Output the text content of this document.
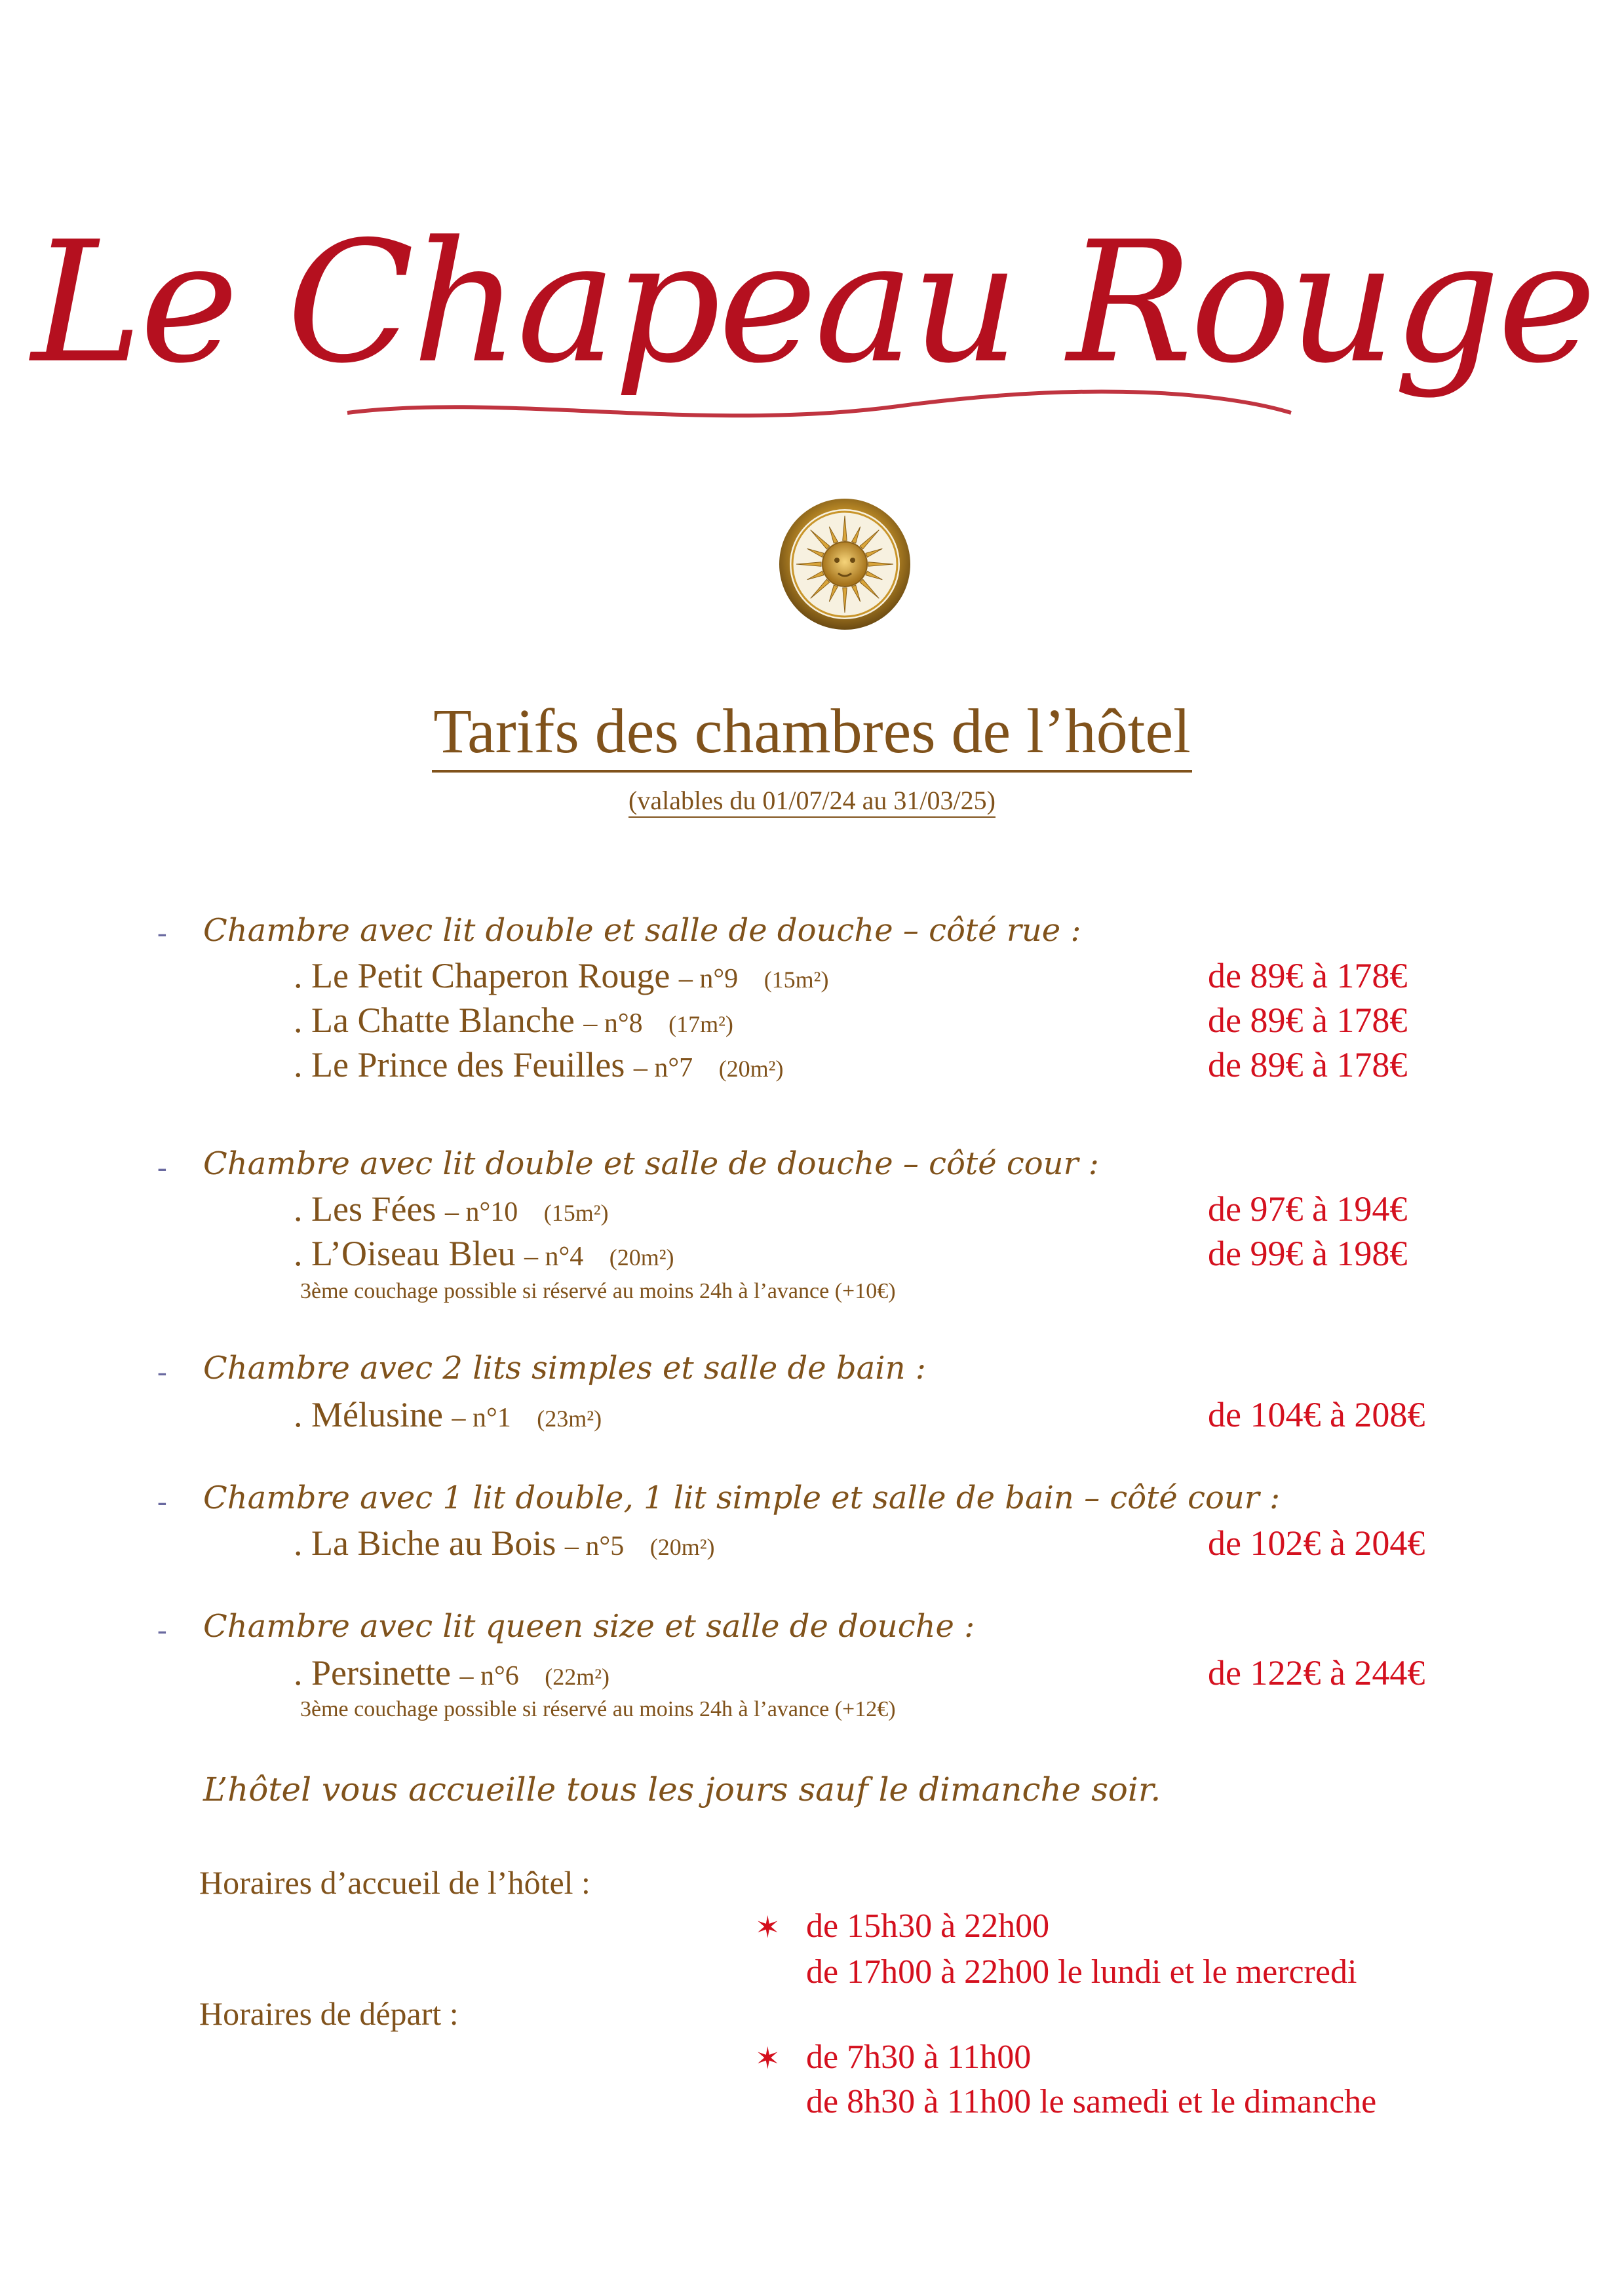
Le Chapeau Rouge
Tarifs des chambres de l’hôtel
(valables du 01/07/24 au 31/03/25)
- Chambre avec lit double et salle de douche – côté rue :
. Le Petit Chaperon Rouge – n°9 (15m²)	de 89€ à 178€
. La Chatte Blanche – n°8 (17m²)	de 89€ à 178€
. Le Prince des Feuilles – n°7 (20m²)	de 89€ à 178€
- Chambre avec lit double et salle de douche – côté cour :
. Les Fées – n°10 (15m²)	de 97€ à 194€
. L’Oiseau Bleu – n°4 (20m²)	de 99€ à 198€
3ème couchage possible si réservé au moins 24h à l’avance (+10€)
- Chambre avec 2 lits simples et salle de bain :
. Mélusine – n°1 (23m²)	de 104€ à 208€
- Chambre avec 1 lit double, 1 lit simple et salle de bain – côté cour :
. La Biche au Bois – n°5 (20m²)	de 102€ à 204€
- Chambre avec lit queen size et salle de douche :
. Persinette – n°6 (22m²)	de 122€ à 244€
3ème couchage possible si réservé au moins 24h à l’avance (+12€)
L’hôtel vous accueille tous les jours sauf le dimanche soir.
Horaires d’accueil de l’hôtel :
✶ de 15h30 à 22h00
de 17h00 à 22h00 le lundi et le mercredi
Horaires de départ :
✶ de 7h30 à 11h00
de 8h30 à 11h00 le samedi et le dimanche
